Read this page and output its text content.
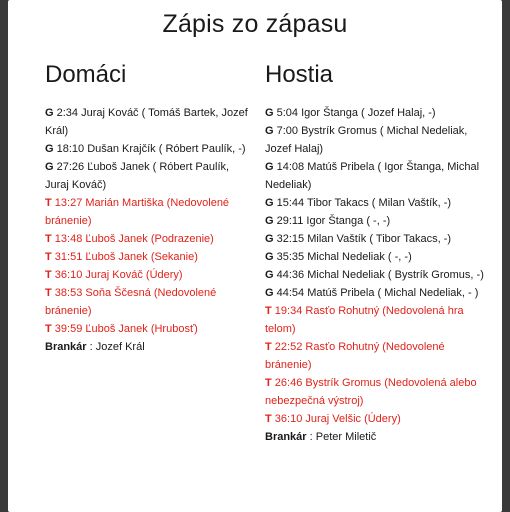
Zápis zo zápasu
Domáci

G 2:34 Juraj Kováč ( Tomáš Bartek, Jozef Král)

G 18:10 Dušan Krajčík ( Róbert Paulík, -)

G 27:26 Ľuboš Janek ( Róbert Paulík, Juraj Kováč)

T 13:27 Marián Martiška (Nedovolené bránenie)

T 13:48 Ľuboš Janek (Podrazenie)

T 31:51 Ľuboš Janek (Sekanie)

T 36:10 Juraj Kováč (Údery)

T 38:53 Soňa Ščesná (Nedovolené bránenie)

T 39:59 Ľuboš Janek (Hrubosť)

Brankár : Jozef Král

Hostia

G 5:04 Igor Štanga ( Jozef Halaj, -)

G 7:00 Bystrík Gromus ( Michal Nedeliak, Jozef Halaj)

G 14:08 Matúš Pribela ( Igor Štanga, Michal Nedeliak)

G 15:44 Tibor Takacs ( Milan Vaštík, -)

G 29:11 Igor Štanga ( -, -)

G 32:15 Milan Vaštík ( Tibor Takacs, -)

G 35:35 Michal Nedeliak ( -, -)

G 44:36 Michal Nedeliak ( Bystrík Gromus, -)

G 44:54 Matúš Pribela ( Michal Nedeliak, - )

T 19:34 Rasťo Rohutný (Nedovolená hra telom)

T 22:52 Rasťo Rohutný (Nedovolené bránenie)

T 26:46 Bystrík Gromus (Nedovolená alebo nebezpečná výstroj)

T 36:10 Juraj Velšic (Údery)

Brankár : Peter Miletič
